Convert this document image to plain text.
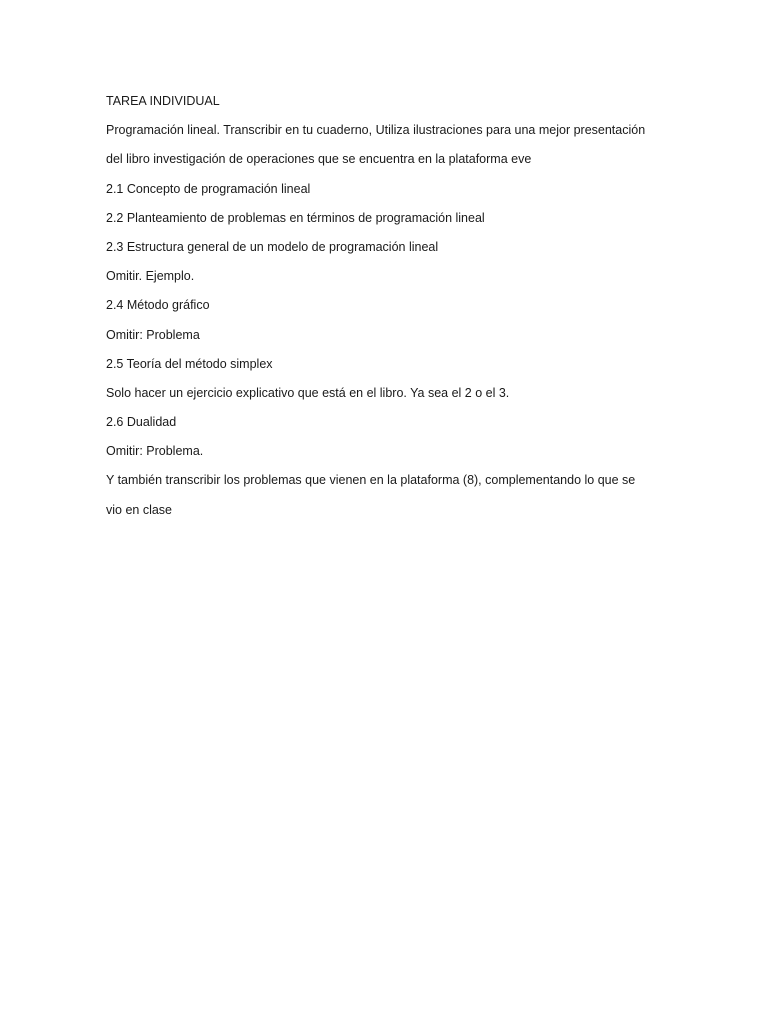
TAREA INDIVIDUAL
Programación lineal. Transcribir en tu cuaderno, Utiliza ilustraciones para una mejor presentación
del libro investigación de operaciones que se encuentra en la plataforma eve
2.1 Concepto de programación lineal
2.2 Planteamiento de problemas en términos de programación lineal
2.3 Estructura general de un modelo de programación lineal
Omitir. Ejemplo.
2.4 Método gráfico
Omitir: Problema
2.5 Teoría del método simplex
Solo hacer un ejercicio explicativo que está en el libro. Ya sea el 2 o el 3.
2.6 Dualidad
Omitir: Problema.
Y también transcribir los problemas que vienen en la plataforma (8), complementando lo que se
vio en clase
